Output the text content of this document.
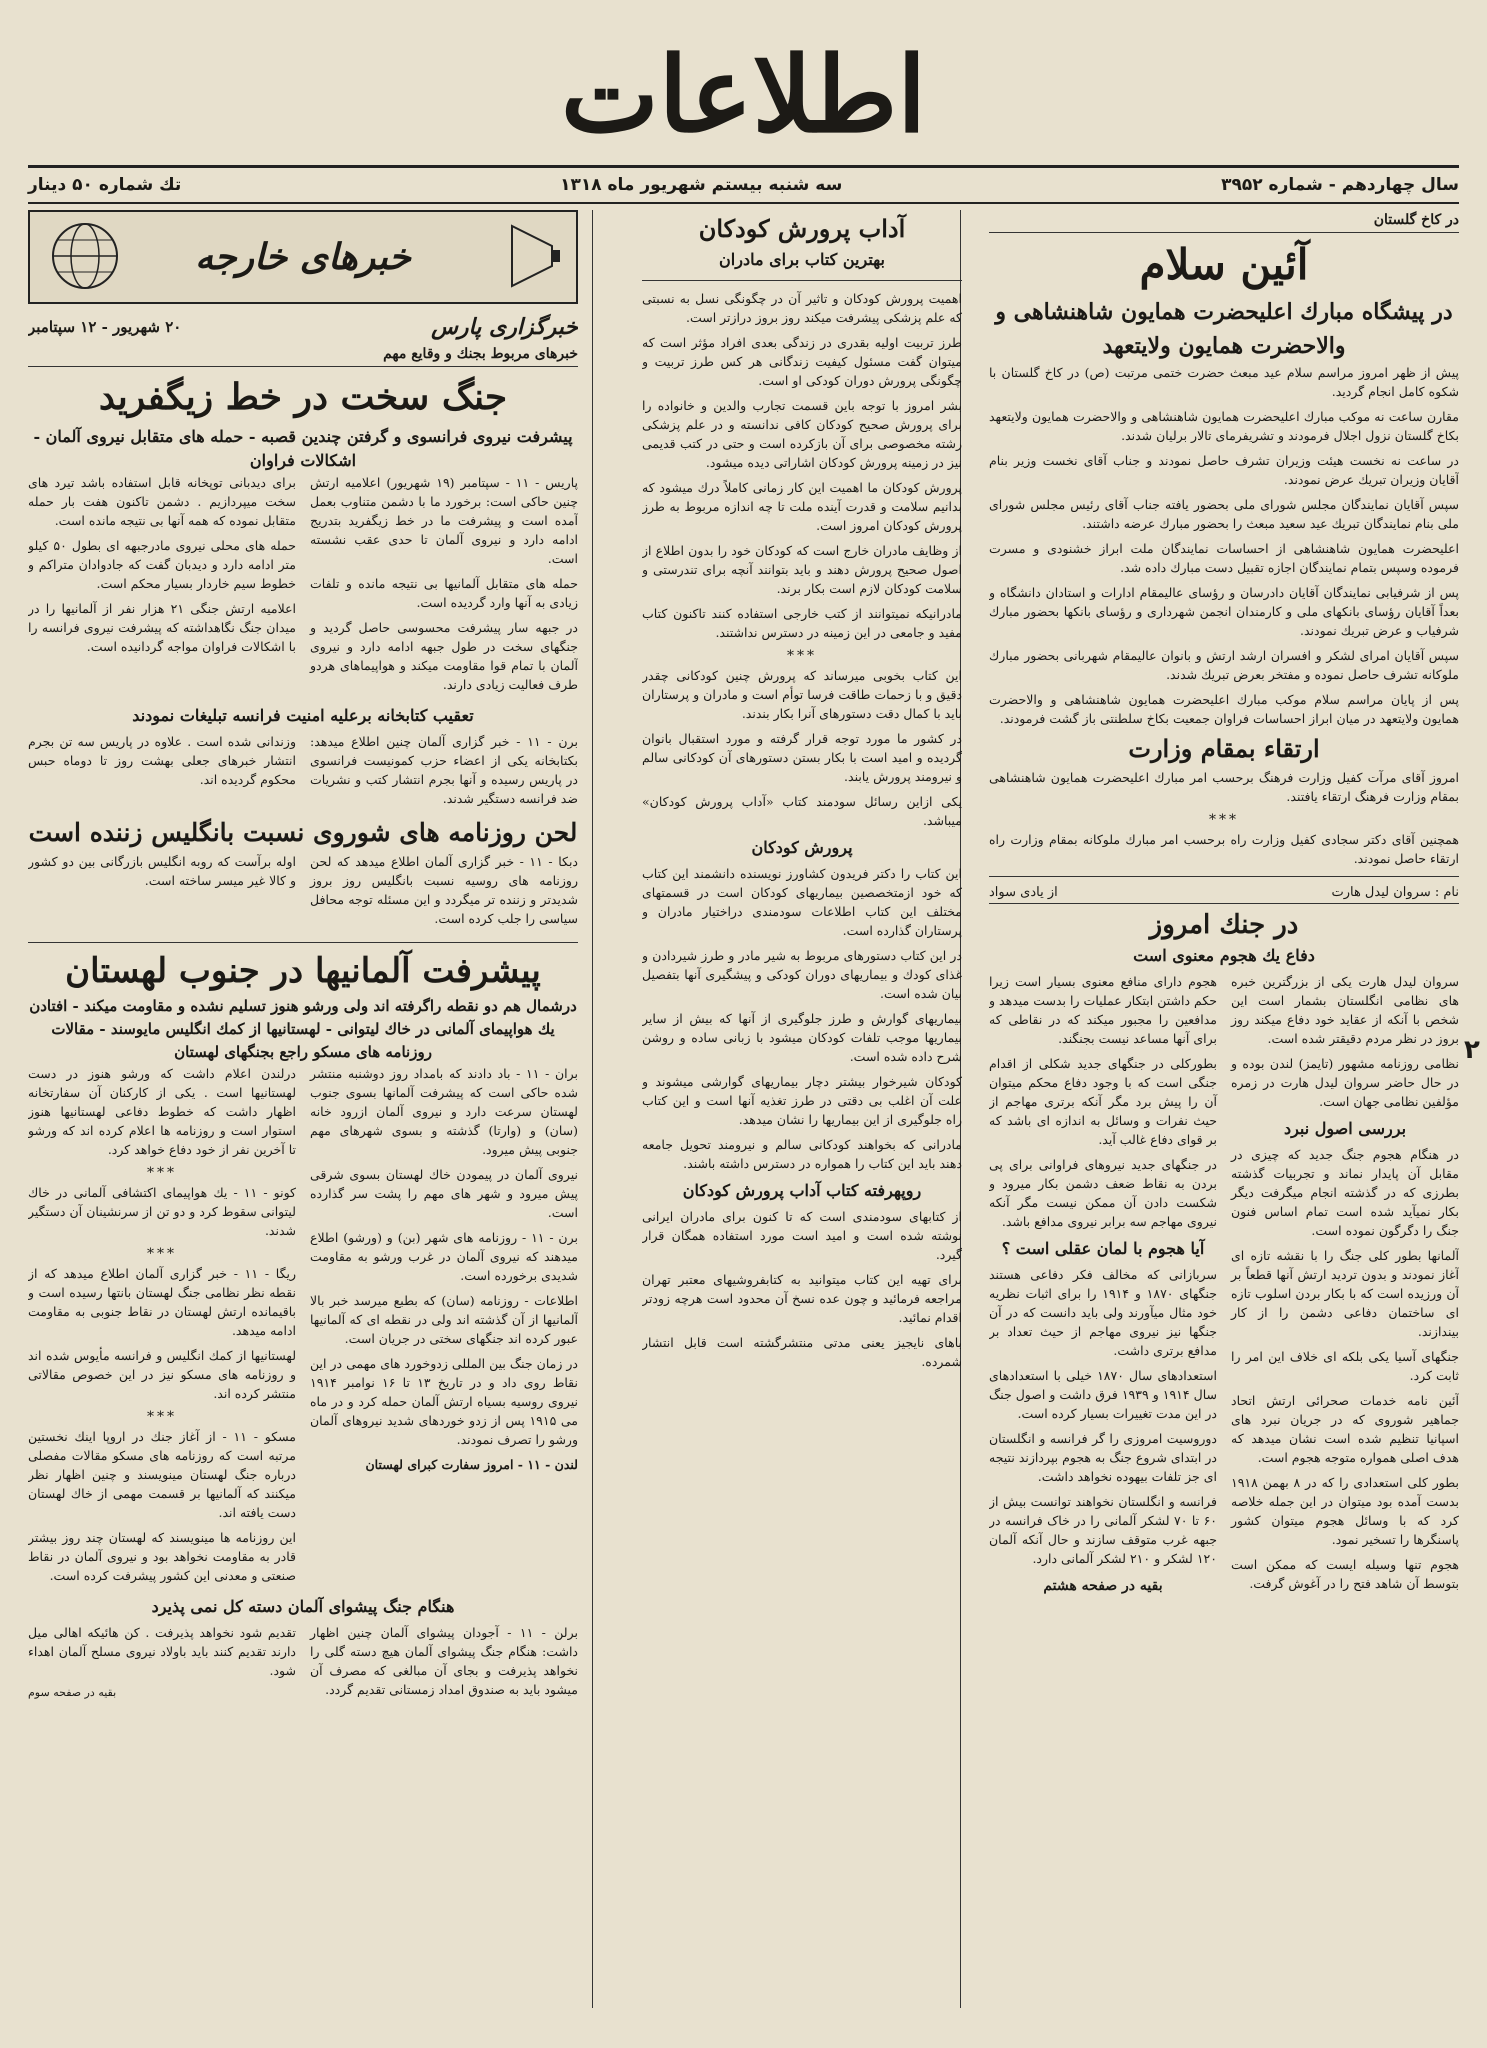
اطلاعات
سال چهاردهم - شماره ۳۹۵۲
سه شنبه بیستم شهریور ماه ۱۳۱۸
تك شماره ۵۰ دینار
در کاخ گلستان
آئین سلام
در پیشگاه مبارك اعلیحضرت همایون شاهنشاهی و والاحضرت همایون ولایتعهد

پیش از ظهر امروز مراسم سلام عید مبعث حضرت ختمی مرتبت (ص) در کاخ گلستان با شکوه کامل انجام گردید.

مقارن ساعت نه موکب مبارك اعلیحضرت همایون شاهنشاهی و والاحضرت همایون ولایتعهد بکاخ گلستان نزول اجلال فرمودند و تشریفرمای تالار برلیان شدند.

در ساعت نه نخست هیئت وزیران تشرف حاصل نمودند و جناب آقای نخست وزیر بنام آقایان وزیران تبریك عرض نمودند.

سپس آقایان نمایندگان مجلس شورای ملی بحضور یافته جناب آقای رئیس مجلس شورای ملی بنام نمایندگان تبریك عید سعید مبعث را بحضور مبارك عرضه داشتند.

اعلیحضرت همایون شاهنشاهی از احساسات نمایندگان ملت ابراز خشنودی و مسرت فرموده وسپس بتمام نمایندگان اجازه تقبیل دست مبارك داده شد.

پس از شرفیابی نمایندگان آقایان دادرسان و رؤسای عالیمقام ادارات و استادان دانشگاه و بعداً آقایان رؤسای بانکهای ملی و کارمندان انجمن شهرداری و رؤسای بانکها بحضور مبارك شرفیاب و عرض تبریك نمودند.

سپس آقایان امرای لشکر و افسران ارشد ارتش و بانوان عالیمقام شهربانی بحضور مبارك ملوکانه تشرف حاصل نموده و مفتخر بعرض تبریك شدند.

پس از پایان مراسم سلام موکب مبارك اعلیحضرت همایون شاهنشاهی و والاحضرت همایون ولایتعهد در میان ابراز احساسات فراوان جمعیت بکاخ سلطنتی باز گشت فرمودند.

ارتقاء بمقام وزارت

امروز آقای مرآت کفیل وزارت فرهنگ برحسب امر مبارك اعلیحضرت همایون شاهنشاهی بمقام وزارت فرهنگ ارتقاء یافتند.

***

همچنین آقای دکتر سجادی کفیل وزارت راه برحسب امر مبارك ملوکانه بمقام وزارت راه ارتقاء حاصل نمودند.

نام : سروان لیدل هارت
از یادی سواد
در جنك امروز
دفاع یك هجوم معنوی است

سروان لیدل هارت یکی از بزرگترین خبره های نظامی انگلستان بشمار است این شخص با آنکه از عقاید خود دفاع میکند روز بروز در نظر مردم دقیقتر شده است.

نظامی روزنامه مشهور (تایمز) لندن بوده و در حال حاضر سروان لیدل هارت در زمره مؤلفین نظامی جهان است.

بررسی اصول نبرد

در هنگام هجوم جنگ جدید که چیزی در مقابل آن پایدار نماند و تجربیات گذشته بطرزی که در گذشته انجام میگرفت دیگر بکار نمیآید شده است تمام اساس فنون جنگ را دگرگون نموده است.

آلمانها بطور کلی جنگ را با نقشه تازه ای آغاز نمودند و بدون تردید ارتش آنها قطعاً بر آن ورزیده است که با بکار بردن اسلوب تازه ای ساختمان دفاعی دشمن را از کار بیندازند.

جنگهای آسیا یکی بلکه ای خلاف این امر را ثابت کرد.

آئین نامه خدمات صحرائی ارتش اتحاد جماهیر شوروی که در جریان نبرد های اسپانیا تنظیم شده است نشان میدهد که هدف اصلی همواره متوجه هجوم است.

بطور کلی استعدادی را که در ۸ بهمن ۱۹۱۸ بدست آمده بود میتوان در این جمله خلاصه کرد که با وسائل هجوم میتوان کشور پاسنگرها را تسخیر نمود.

هجوم تنها وسیله ایست که ممکن است بتوسط آن شاهد فتح را در آغوش گرفت.

هجوم دارای منافع معنوی بسیار است زیرا حکم داشتن ابتکار عملیات را بدست میدهد و مدافعین را مجبور میکند که در نقاطی که برای آنها مساعد نیست بجنگند.

بطورکلی در جنگهای جدید شکلی از اقدام جنگی است که با وجود دفاع محکم میتوان آن را پیش برد مگر آنکه برتری مهاجم از حیث نفرات و وسائل به اندازه ای باشد که بر قوای دفاع غالب آید.

در جنگهای جدید نیروهای فراوانی برای پی بردن به نقاط ضعف دشمن بکار میرود و شکست دادن آن ممکن نیست مگر آنکه نیروی مهاجم سه برابر نیروی مدافع باشد.

آیا هجوم با لمان عقلی است ؟

سربازانی که مخالف فکر دفاعی هستند جنگهای ۱۸۷۰ و ۱۹۱۴ را برای اثبات نظریه خود مثال میآورند ولی باید دانست که در آن جنگها نیز نیروی مهاجم از حیث تعداد بر مدافع برتری داشت.

استعدادهای سال ۱۸۷۰ خیلی با استعدادهای سال ۱۹۱۴ و ۱۹۳۹ فرق داشت و اصول جنگ در این مدت تغییرات بسیار کرده است.

دوروسیت امروزی را گر فرانسه و انگلستان در ابتدای شروع جنگ به هجوم بپردازند نتیجه ای جز تلفات بیهوده نخواهد داشت.

فرانسه و انگلستان نخواهند توانست بیش از ۶۰ تا ۷۰ لشکر آلمانی را در خاک فرانسه در جبهه غرب متوقف سازند و حال آنکه آلمان ۱۲۰ لشکر و ۲۱۰ لشکر آلمانی دارد.

بقیه در صفحه هشتم
آداب پرورش کودکان
بهترین کتاب برای مادران

اهمیت پرورش کودکان و تاثیر آن در چگونگی نسل به نسبتی که علم پزشکی پیشرفت میکند روز بروز درازتر است.

طرز تربیت اولیه بقدری در زندگی بعدی افراد مؤثر است که میتوان گفت مسئول کیفیت زندگانی هر کس طرز تربیت و چگونگی پرورش دوران کودکی او است.

بشر امروز با توجه باین قسمت تجارب والدین و خانواده را برای پرورش صحیح کودکان کافی ندانسته و در علم پزشکی رشته مخصوصی برای آن بازکرده است و حتی در کتب قدیمی نیز در زمینه پرورش کودکان اشاراتی دیده میشود.

پرورش کودکان ما اهمیت این کار زمانی کاملاً درك میشود که بدانیم سلامت و قدرت آینده ملت تا چه اندازه مربوط به طرز پرورش کودکان امروز است.

از وظایف مادران خارج است که کودکان خود را بدون اطلاع از اصول صحیح پرورش دهند و باید بتوانند آنچه برای تندرستی و سلامت کودکان لازم است بکار برند.

مادرانیکه نمیتوانند از کتب خارجی استفاده کنند تاکنون کتاب مفید و جامعی در این زمینه در دسترس نداشتند.

***

این کتاب بخوبی میرساند که پرورش چنین کودکانی چقدر دقیق و با زحمات طاقت فرسا توأم است و مادران و پرستاران باید با کمال دقت دستورهای آنرا بکار بندند.

در کشور ما مورد توجه قرار گرفته و مورد استقبال بانوان گردیده و امید است با بکار بستن دستورهای آن کودکانی سالم و نیرومند پرورش یابند.

یکی ازاین رسائل سودمند کتاب «آداب پرورش کودکان» میباشد.

پرورش کودکان

این کتاب را دکتر فریدون کشاورز نویسنده دانشمند این کتاب که خود ازمتخصصین بیماریهای کودکان است در قسمتهای مختلف این کتاب اطلاعات سودمندی دراختیار مادران و پرستاران گذارده است.

در این کتاب دستورهای مربوط به شیر مادر و طرز شیردادن و غذای کودك و بیماریهای دوران کودکی و پیشگیری آنها بتفصیل بیان شده است.

بیماریهای گوارش و طرز جلوگیری از آنها که بیش از سایر بیماریها موجب تلفات کودکان میشود با زبانی ساده و روشن شرح داده شده است.

کودکان شیرخوار بیشتر دچار بیماریهای گوارشی میشوند و علت آن اغلب بی دقتی در طرز تغذیه آنها است و این کتاب راه جلوگیری از این بیماریها را نشان میدهد.

مادرانی که بخواهند کودکانی سالم و نیرومند تحویل جامعه دهند باید این کتاب را همواره در دسترس داشته باشند.

روپهرفته کتاب آداب پرورش کودکان

از کتابهای سودمندی است که تا کنون برای مادران ایرانی نوشته شده است و امید است مورد استفاده همگان قرار گیرد.

برای تهیه این کتاب میتوانید به کتابفروشیهای معتبر تهران مراجعه فرمائید و چون عده نسخ آن محدود است هرچه زودتر اقدام نمائید.

باهای نایجیز یعنی مدتی منتشرگشته است قابل انتشار شمرده.

خبرهای خارجه
خبرگزاری پارس
۲۰ شهریور - ۱۲ سپتامبر
خبرهای مربوط بجنك و وقایع مهم
جنگ سخت در خط زیگفرید
پیشرفت نیروی فرانسوی و گرفتن چندین قصبه - حمله های متقابل نیروی آلمان - اشکالات فراوان

پاریس - ۱۱ - سپتامبر (۱۹ شهریور) اعلامیه ارتش چنین حاکی است: برخورد ما با دشمن متناوب بعمل آمده است و پیشرفت ما در خط زیگفرید بتدریج ادامه دارد و نیروی آلمان تا حدی عقب نشسته است.

حمله های متقابل آلمانیها بی نتیجه مانده و تلفات زیادی به آنها وارد گردیده است.

در جبهه سار پیشرفت محسوسی حاصل گردید و جنگهای سخت در طول جبهه ادامه دارد و نیروی آلمان با تمام قوا مقاومت میکند و هواپیماهای هردو طرف فعالیت زیادی دارند.

برای دیدبانی توپخانه قابل استفاده باشد تیرد های سخت میپردازیم . دشمن تاکنون هفت بار حمله متقابل نموده که همه آنها بی نتیجه مانده است.

حمله های محلی نیروی مادرجبهه ای بطول ۵۰ کیلو متر ادامه دارد و دیدبان گفت که جادوادان متراکم و خطوط سیم خاردار بسیار محکم است.

اعلامیه ارتش جنگی ۲۱ هزار نفر از آلمانیها را در میدان جنگ نگاهداشته که پیشرفت نیروی فرانسه را با اشکالات فراوان مواجه گردانیده است.

تعقیب کتابخانه برعلیه امنیت فرانسه تبلیغات نمودند

برن - ۱۱ - خبر گزاری آلمان چنین اطلاع میدهد: بکتابخانه یکی از اعضاء حزب کمونیست فرانسوی در پاریس رسیده و آنها بجرم انتشار کتب و نشریات ضد فرانسه دستگیر شدند.

وزندانی شده است . علاوه در پاریس سه تن بجرم انتشار خبرهای جعلی بهشت روز تا دوماه حبس محکوم گردیده اند.

لحن روزنامه های شوروی نسبت بانگلیس زننده است

دبکا - ۱۱ - خبر گزاری آلمان اطلاع میدهد که لحن روزنامه های روسیه نسبت بانگلیس روز بروز شدیدتر و زننده تر میگردد و این مسئله توجه محافل سیاسی را جلب کرده است.

اوله برآست که روبه انگلیس بازرگانی بین دو کشور و کالا غیر میسر ساخته است.

پیشرفت آلمانیها در جنوب لهستان
درشمال هم دو نقطه راگرفته اند ولی ورشو هنوز تسلیم نشده و مقاومت میکند - افتادن یك هواپیمای آلمانی در خاك لیتوانی - لهستانیها از کمك انگلیس مایوسند - مقالات روزنامه های مسکو راجع بجنگهای لهستان

بران - ۱۱ - باد دادند که بامداد روز دوشنبه منتشر شده حاکی است که پیشرفت آلمانها بسوی جنوب لهستان سرعت دارد و نیروی آلمان ازرود خانه (سان) و (وارتا) گذشته و بسوی شهرهای مهم جنوبی پیش میرود.

نیروی آلمان در پیمودن خاك لهستان بسوی شرقی پیش میرود و شهر های مهم را پشت سر گذارده است.

برن - ۱۱ - روزنامه های شهر (بن) و (ورشو) اطلاع میدهند که نیروی آلمان در غرب ورشو به مقاومت شدیدی برخورده است.

اطلاعات - روزنامه (سان) که بطبع میرسد خبر بالا آلمانیها از آن گذشته اند ولی در نقطه ای که آلمانیها عبور کرده اند جنگهای سختی در جریان است.

در زمان جنگ بین المللی زدوخورد های مهمی در این نقاط روی داد و در تاریخ ۱۳ تا ۱۶ نوامبر ۱۹۱۴ نیروی روسیه بسیاه ارتش آلمان حمله کرد و در ماه می ۱۹۱۵ پس از زدو خوردهای شدید نیروهای آلمان ورشو را تصرف نمودند.

لندن - ۱۱ - امروز سفارت کبرای لهستان

درلندن اعلام داشت که ورشو هنوز در دست لهستانیها است . یکی از کارکنان آن سفارتخانه اظهار داشت که خطوط دفاعی لهستانیها هنوز استوار است و روزنامه ها اعلام کرده اند که ورشو تا آخرین نفر از خود دفاع خواهد کرد.

***

کونو - ۱۱ - یك هواپیمای اکتشافی آلمانی در خاك لیتوانی سقوط کرد و دو تن از سرنشینان آن دستگیر شدند.

***

ریگا - ۱۱ - خبر گزاری آلمان اطلاع میدهد که از نقطه نظر نظامی جنگ لهستان بانتها رسیده است و باقیمانده ارتش لهستان در نقاط جنوبی به مقاومت ادامه میدهد.

لهستانیها از کمك انگلیس و فرانسه مأیوس شده اند و روزنامه های مسکو نیز در این خصوص مقالاتی منتشر کرده اند.

***

مسکو - ۱۱ - از آغاز جنك در اروپا اینك نخستین مرتبه است که روزنامه های مسکو مقالات مفصلی درباره جنگ لهستان مینویسند و چنین اظهار نظر میکنند که آلمانیها بر قسمت مهمی از خاك لهستان دست یافته اند.

این روزنامه ها مینویسند که لهستان چند روز بیشتر قادر به مقاومت نخواهد بود و نیروی آلمان در نقاط صنعتی و معدنی این کشور پیشرفت کرده است.

هنگام جنگ پیشوای آلمان دسته کل نمی پذیرد

برلن - ۱۱ - آجودان پیشوای آلمان چنین اظهار داشت: هنگام جنگ پیشوای آلمان هیچ دسته گلی را نخواهد پذیرفت و بجای آن مبالغی که مصرف آن میشود باید به صندوق امداد زمستانی تقدیم گردد.

تقدیم شود نخواهد پذیرفت . کن هائیکه اهالی میل دارند تقدیم کنند باید باولاد نیروی مسلح آلمان اهداء شود.

بقیه در صفحه سوم
۲
